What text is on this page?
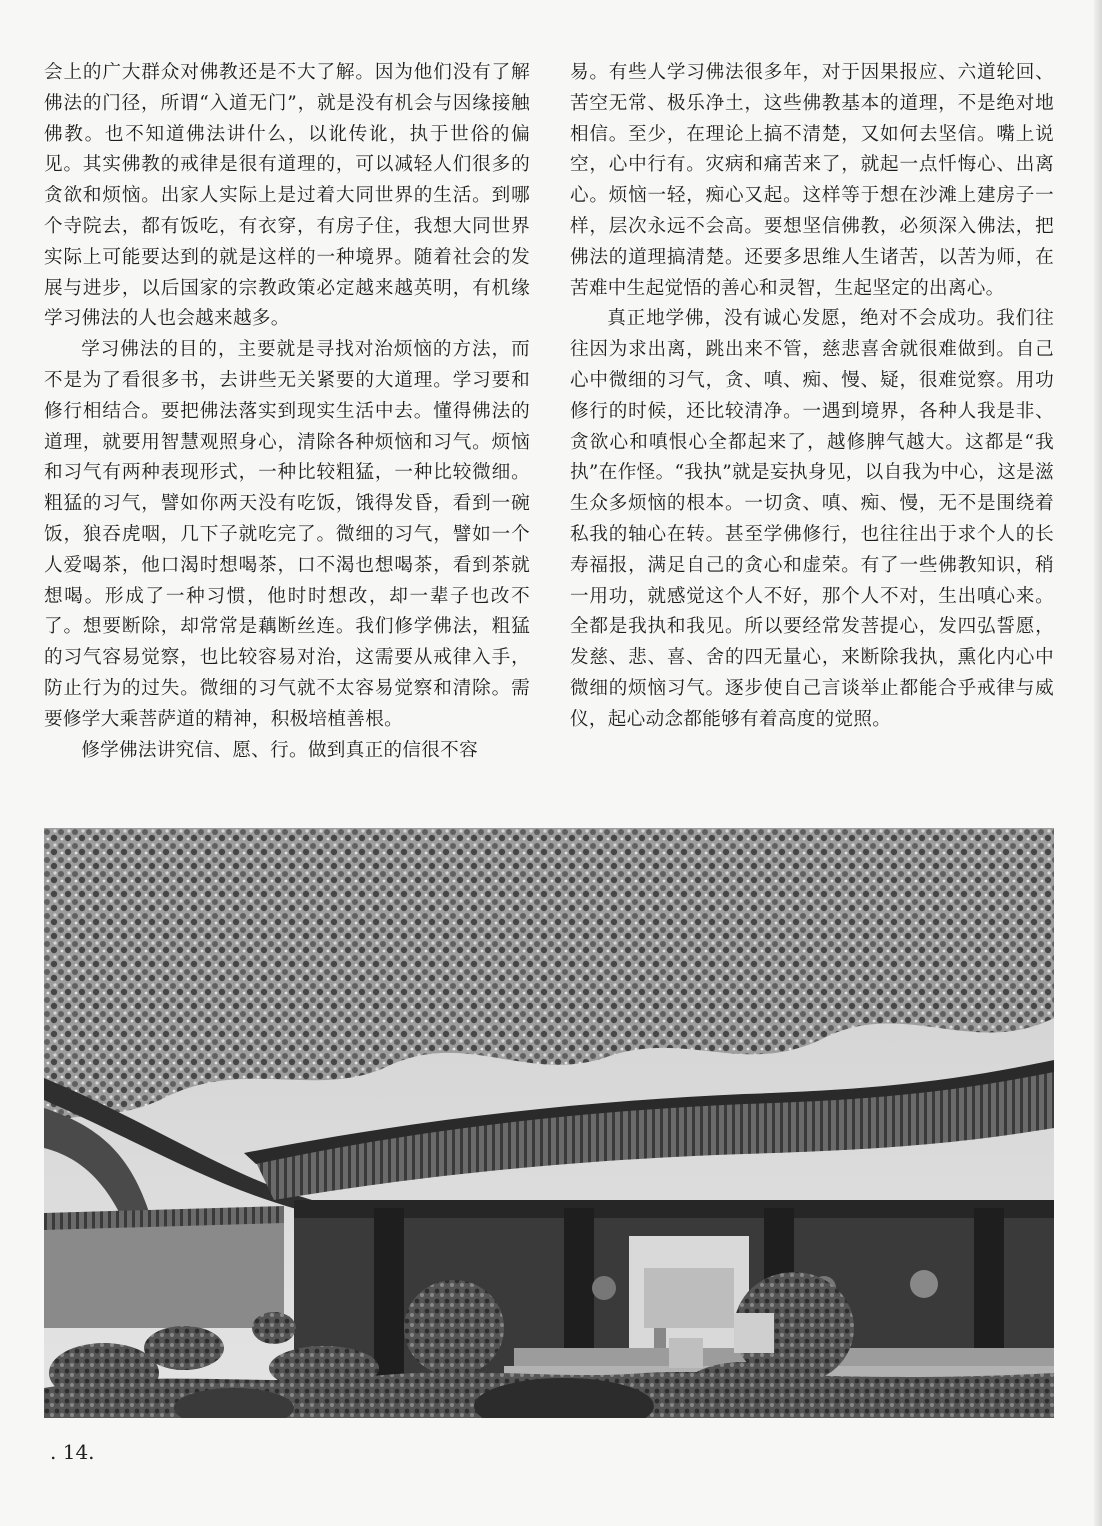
会上的广大群众对佛教还是不大了解。因为他们没有了解佛法的门径，所谓“入道无门”，就是没有机会与因缘接触佛教。也不知道佛法讲什么，以讹传讹，执于世俗的偏见。其实佛教的戒律是很有道理的，可以减轻人们很多的贪欲和烦恼。出家人实际上是过着大同世界的生活。到哪个寺院去，都有饭吃，有衣穿，有房子住，我想大同世界实际上可能要达到的就是这样的一种境界。随着社会的发展与进步，以后国家的宗教政策必定越来越英明，有机缘学习佛法的人也会越来越多。

学习佛法的目的，主要就是寻找对治烦恼的方法，而不是为了看很多书，去讲些无关紧要的大道理。学习要和修行相结合。要把佛法落实到现实生活中去。懂得佛法的道理，就要用智慧观照身心，清除各种烦恼和习气。烦恼和习气有两种表现形式，一种比较粗猛，一种比较微细。粗猛的习气，譬如你两天没有吃饭，饿得发昏，看到一碗饭，狼吞虎咽，几下子就吃完了。微细的习气，譬如一个人爱喝茶，他口渴时想喝茶，口不渴也想喝茶，看到茶就想喝。形成了一种习惯，他时时想改，却一辈子也改不了。想要断除，却常常是藕断丝连。我们修学佛法，粗猛的习气容易觉察，也比较容易对治，这需要从戒律入手，防止行为的过失。微细的习气就不太容易觉察和清除。需要修学大乘菩萨道的精神，积极培植善根。

修学佛法讲究信、愿、行。做到真正的信很不容

易。有些人学习佛法很多年，对于因果报应、六道轮回、苦空无常、极乐净土，这些佛教基本的道理，不是绝对地相信。至少，在理论上搞不清楚，又如何去坚信。嘴上说空，心中行有。灾病和痛苦来了，就起一点忏悔心、出离心。烦恼一轻，痴心又起。这样等于想在沙滩上建房子一样，层次永远不会高。要想坚信佛教，必须深入佛法，把佛法的道理搞清楚。还要多思维人生诸苦，以苦为师，在苦难中生起觉悟的善心和灵智，生起坚定的出离心。

真正地学佛，没有诚心发愿，绝对不会成功。我们往往因为求出离，跳出来不管，慈悲喜舍就很难做到。自己心中微细的习气，贪、嗔、痴、慢、疑，很难觉察。用功修行的时候，还比较清净。一遇到境界，各种人我是非、贪欲心和嗔恨心全都起来了，越修脾气越大。这都是“我执”在作怪。“我执”就是妄执身见，以自我为中心，这是滋生众多烦恼的根本。一切贪、嗔、痴、慢，无不是围绕着私我的轴心在转。甚至学佛修行，也往往出于求个人的长寿福报，满足自己的贪心和虚荣。有了一些佛教知识，稍一用功，就感觉这个人不好，那个人不对，生出嗔心来。全都是我执和我见。所以要经常发菩提心，发四弘誓愿，发慈、悲、喜、舍的四无量心，来断除我执，熏化内心中微细的烦恼习气。逐步使自己言谈举止都能合乎戒律与威仪，起心动念都能够有着高度的觉照。

. 14.
